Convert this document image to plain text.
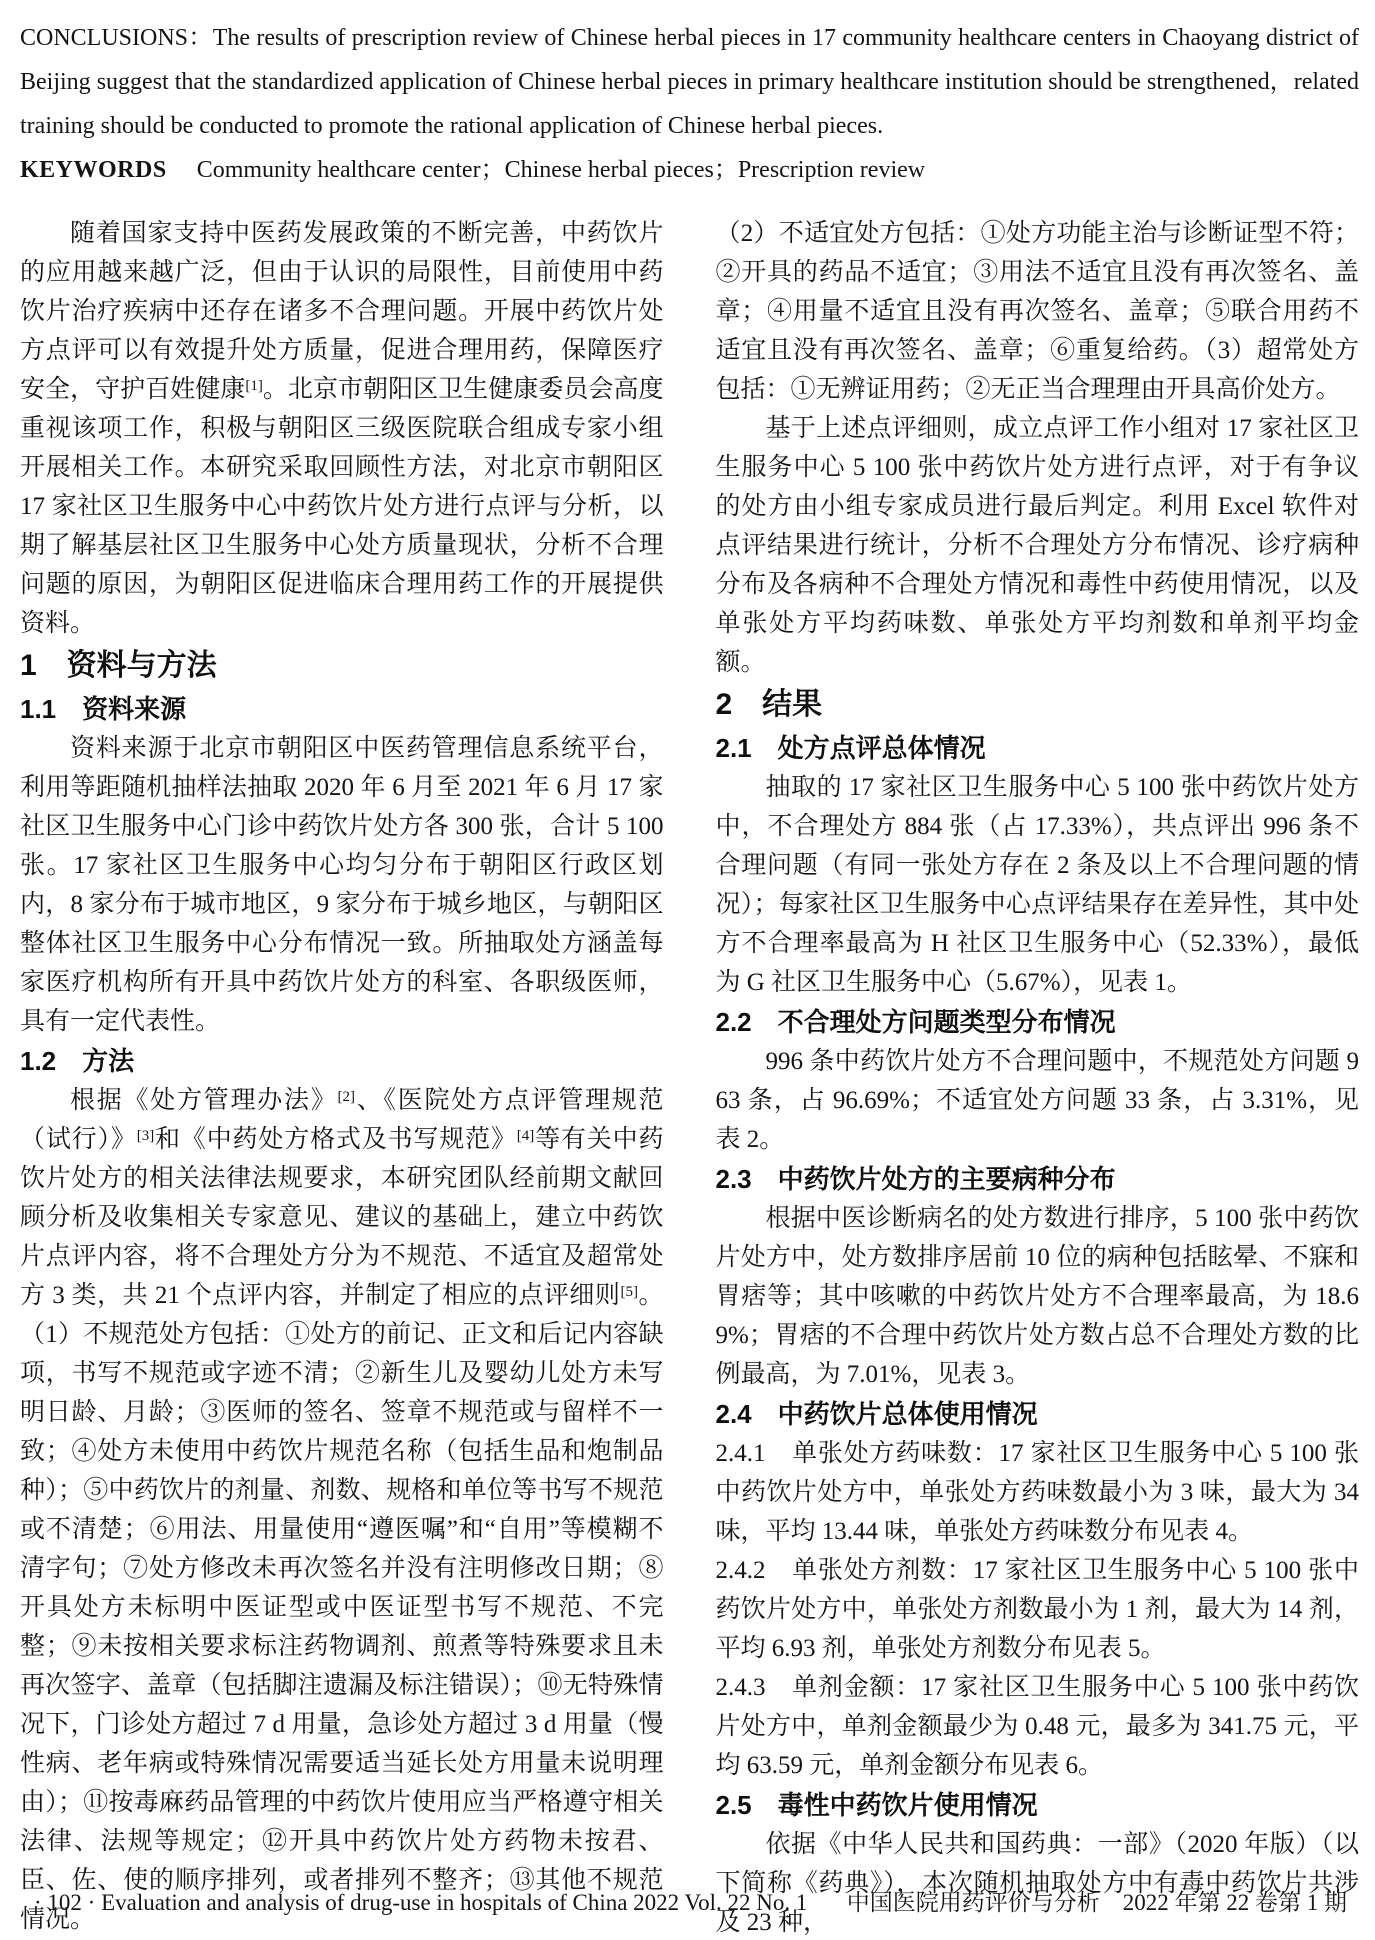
CONCLUSIONS：The results of prescription review of Chinese herbal pieces in 17 community healthcare centers in Chaoyang district of Beijing suggest that the standardized application of Chinese herbal pieces in primary healthcare institution should be strengthened，related training should be conducted to promote the rational application of Chinese herbal pieces.

KEYWORDS Community healthcare center；Chinese herbal pieces；Prescription review

随着国家支持中医药发展政策的不断完善，中药饮片的应用越来越广泛，但由于认识的局限性，目前使用中药饮片治疗疾病中还存在诸多不合理问题。开展中药饮片处方点评可以有效提升处方质量，促进合理用药，保障医疗安全，守护百姓健康[1]。北京市朝阳区卫生健康委员会高度重视该项工作，积极与朝阳区三级医院联合组成专家小组开展相关工作。本研究采取回顾性方法，对北京市朝阳区 17 家社区卫生服务中心中药饮片处方进行点评与分析，以期了解基层社区卫生服务中心处方质量现状，分析不合理问题的原因，为朝阳区促进临床合理用药工作的开展提供资料。

1　资料与方法
1.1　资料来源

资料来源于北京市朝阳区中医药管理信息系统平台，利用等距随机抽样法抽取 2020 年 6 月至 2021 年 6 月 17 家社区卫生服务中心门诊中药饮片处方各 300 张，合计 5 100 张。17 家社区卫生服务中心均匀分布于朝阳区行政区划内，8 家分布于城市地区，9 家分布于城乡地区，与朝阳区整体社区卫生服务中心分布情况一致。所抽取处方涵盖每家医疗机构所有开具中药饮片处方的科室、各职级医师，具有一定代表性。

1.2　方法

根据《处方管理办法》[2]、《医院处方点评管理规范（试行）》[3]和《中药处方格式及书写规范》[4]等有关中药饮片处方的相关法律法规要求，本研究团队经前期文献回顾分析及收集相关专家意见、建议的基础上，建立中药饮片点评内容，将不合理处方分为不规范、不适宜及超常处方 3 类，共 21 个点评内容，并制定了相应的点评细则[5]。（1）不规范处方包括：①处方的前记、正文和后记内容缺项，书写不规范或字迹不清；②新生儿及婴幼儿处方未写明日龄、月龄；③医师的签名、签章不规范或与留样不一致；④处方未使用中药饮片规范名称（包括生品和炮制品种）；⑤中药饮片的剂量、剂数、规格和单位等书写不规范或不清楚；⑥用法、用量使用“遵医嘱”和“自用”等模糊不清字句；⑦处方修改未再次签名并没有注明修改日期；⑧开具处方未标明中医证型或中医证型书写不规范、不完整；⑨未按相关要求标注药物调剂、煎煮等特殊要求且未再次签字、盖章（包括脚注遗漏及标注错误）；⑩无特殊情况下，门诊处方超过 7 d 用量，急诊处方超过 3 d 用量（慢性病、老年病或特殊情况需要适当延长处方用量未说明理由）；⑪按毒麻药品管理的中药饮片使用应当严格遵守相关法律、法规等规定；⑫开具中药饮片处方药物未按君、臣、佐、使的顺序排列，或者排列不整齐；⑬其他不规范情况。

（2）不适宜处方包括：①处方功能主治与诊断证型不符；②开具的药品不适宜；③用法不适宜且没有再次签名、盖章；④用量不适宜且没有再次签名、盖章；⑤联合用药不适宜且没有再次签名、盖章；⑥重复给药。（3）超常处方包括：①无辨证用药；②无正当合理理由开具高价处方。

基于上述点评细则，成立点评工作小组对 17 家社区卫生服务中心 5 100 张中药饮片处方进行点评，对于有争议的处方由小组专家成员进行最后判定。利用 Excel 软件对点评结果进行统计，分析不合理处方分布情况、诊疗病种分布及各病种不合理处方情况和毒性中药使用情况，以及单张处方平均药味数、单张处方平均剂数和单剂平均金额。

2　结果
2.1　处方点评总体情况

抽取的 17 家社区卫生服务中心 5 100 张中药饮片处方中，不合理处方 884 张（占 17.33%），共点评出 996 条不合理问题（有同一张处方存在 2 条及以上不合理问题的情况）；每家社区卫生服务中心点评结果存在差异性，其中处方不合理率最高为 H 社区卫生服务中心（52.33%），最低为 G 社区卫生服务中心（5.67%），见表 1。

2.2　不合理处方问题类型分布情况

996 条中药饮片处方不合理问题中，不规范处方问题 963 条，占 96.69%；不适宜处方问题 33 条，占 3.31%，见表 2。

2.3　中药饮片处方的主要病种分布

根据中医诊断病名的处方数进行排序，5 100 张中药饮片处方中，处方数排序居前 10 位的病种包括眩晕、不寐和胃痞等；其中咳嗽的中药饮片处方不合理率最高，为 18.69%；胃痞的不合理中药饮片处方数占总不合理处方数的比例最高，为 7.01%，见表 3。

2.4　中药饮片总体使用情况

2.4.1　单张处方药味数：17 家社区卫生服务中心 5 100 张中药饮片处方中，单张处方药味数最小为 3 味，最大为 34 味，平均 13.44 味，单张处方药味数分布见表 4。

2.4.2　单张处方剂数：17 家社区卫生服务中心 5 100 张中药饮片处方中，单张处方剂数最小为 1 剂，最大为 14 剂，平均 6.93 剂，单张处方剂数分布见表 5。

2.4.3　单剂金额：17 家社区卫生服务中心 5 100 张中药饮片处方中，单剂金额最少为 0.48 元，最多为 341.75 元，平均 63.59 元，单剂金额分布见表 6。

2.5　毒性中药饮片使用情况

依据《中华人民共和国药典：一部》（2020 年版）（以下简称《药典》），本次随机抽取处方中有毒中药饮片共涉及 23 种，

· 102 · Evaluation and analysis of drug-use in hospitals of China 2022 Vol. 22 No. 1 中国医院用药评价与分析　2022 年第 22 卷第 1 期
